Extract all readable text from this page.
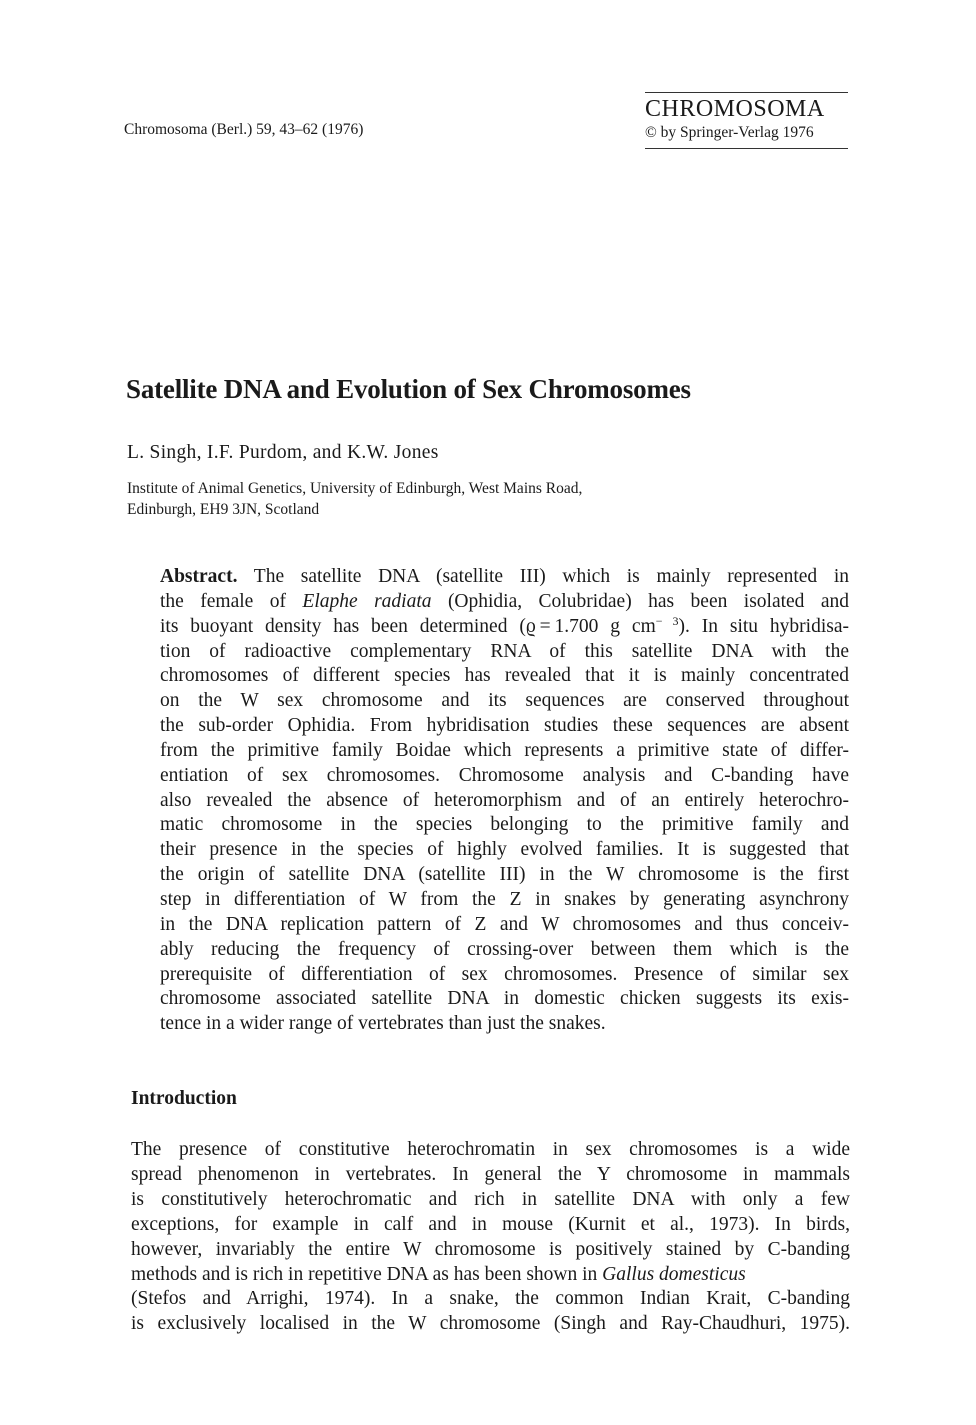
Chromosoma (Berl.) 59, 43–62 (1976)
CHROMOSOMA
© by Springer-Verlag 1976
Satellite DNA and Evolution of Sex Chromosomes
L. Singh, I.F. Purdom, and K.W. Jones
Institute of Animal Genetics, University of Edinburgh, West Mains Road,
Edinburgh, EH9 3JN, Scotland
Abstract. The satellite DNA (satellite III) which is mainly represented in
the female of Elaphe radiata (Ophidia, Colubridae) has been isolated and
its buoyant density has been determined (ϱ = 1.700 g $cm^{- 3}$). In situ hybridisa-
tion of radioactive complementary RNA of this satellite DNA with the
chromosomes of different species has revealed that it is mainly concentrated
on the W sex chromosome and its sequences are conserved throughout
the sub-order Ophidia. From hybridisation studies these sequences are absent
from the primitive family Boidae which represents a primitive state of differ-
entiation of sex chromosomes. Chromosome analysis and C-banding have
also revealed the absence of heteromorphism and of an entirely heterochro-
matic chromosome in the species belonging to the primitive family and
their presence in the species of highly evolved families. It is suggested that
the origin of satellite DNA (satellite III) in the W chromosome is the first
step in differentiation of W from the Z in snakes by generating asynchrony
in the DNA replication pattern of Z and W chromosomes and thus conceiv-
ably reducing the frequency of crossing-over between them which is the
prerequisite of differentiation of sex chromosomes. Presence of similar sex
chromosome associated satellite DNA in domestic chicken suggests its exis-
tence in a wider range of vertebrates than just the snakes.
Introduction
The presence of constitutive heterochromatin in sex chromosomes is a wide
spread phenomenon in vertebrates. In general the Y chromosome in mammals
is constitutively heterochromatic and rich in satellite DNA with only a few
exceptions, for example in calf and in mouse (Kurnit et al., 1973). In birds,
however, invariably the entire W chromosome is positively stained by C-banding
methods and is rich in repetitive DNA as has been shown in Gallus domesticus
(Stefos and Arrighi, 1974). In a snake, the common Indian Krait, C-banding
is exclusively localised in the W chromosome (Singh and Ray-Chaudhuri, 1975).
